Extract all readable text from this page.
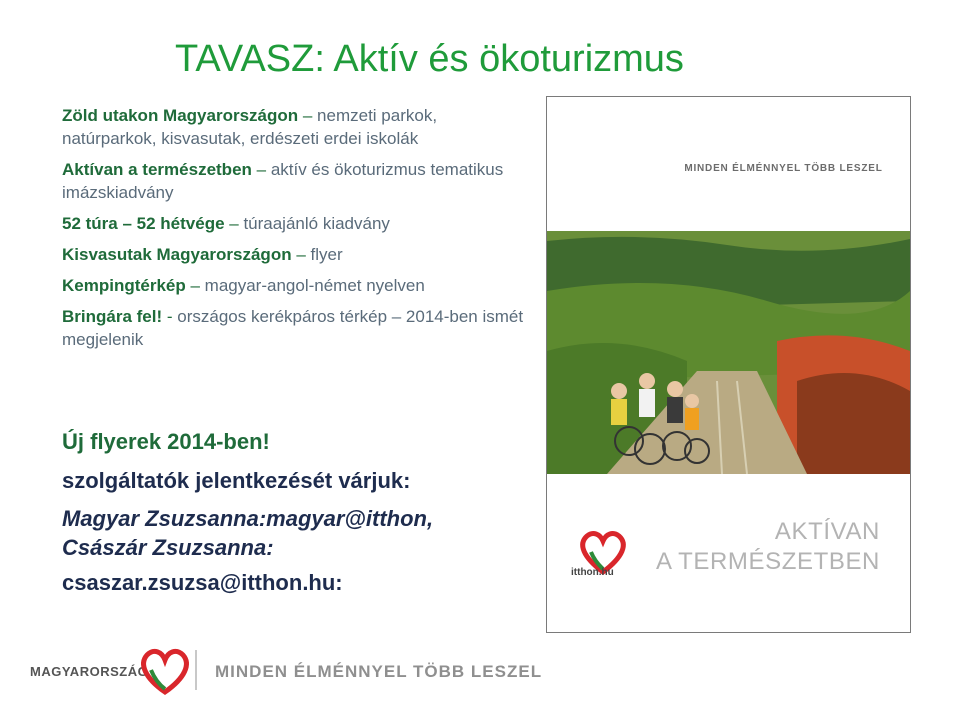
TAVASZ: Aktív és ökoturizmus
Zöld utakon Magyarországon – nemzeti parkok, natúrparkok, kisvasutak, erdészeti erdei iskolák
Aktívan a természetben – aktív és ökoturizmus tematikus imázskiadvány
52 túra – 52 hétvége – túraajánló kiadvány
Kisvasutak Magyarországon – flyer
Kempingtérkép – magyar-angol-német nyelven
Bringára fel! - országos kerékpáros térkép – 2014-ben ismét megjelenik
Új flyerek 2014-ben!
szolgáltatók jelentkezését várjuk:
Magyar Zsuzsanna:magyar@itthon,
Császár Zsuzsanna:
csaszar.zsuzsa@itthon.hu:
MINDEN ÉLMÉNNYEL TÖBB LESZEL
itthon.hu
AKTÍVAN
A TERMÉSZETBEN
MAGYARORSZÁG	MINDEN ÉLMÉNNYEL TÖBB LESZEL
